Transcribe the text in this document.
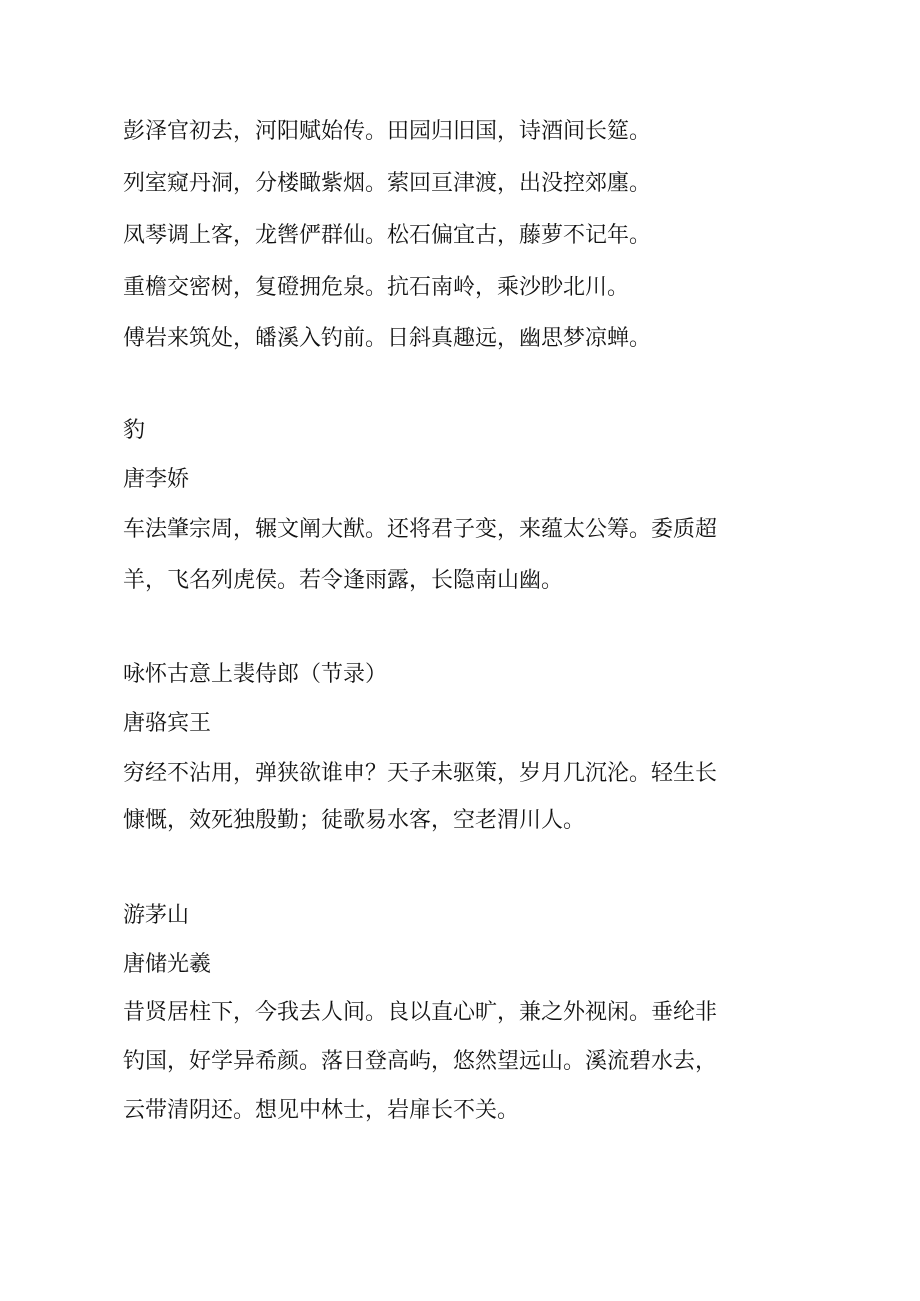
彭泽官初去，河阳赋始传。田园归旧国，诗酒间长筵。
列室窥丹洞，分楼瞰紫烟。萦回亘津渡，出没控郊廛。
凤琴调上客，龙辔俨群仙。松石偏宜古，藤萝不记年。
重檐交密树，复磴拥危泉。抗石南岭，乘沙眇北川。
傅岩来筑处，皤溪入钓前。日斜真趣远，幽思梦凉蝉。
豹
唐李娇
车法肇宗周，辗文阐大猷。还将君子变，来蕴太公筹。委质超
羊，飞名列虎侯。若令逢雨露，长隐南山幽。
咏怀古意上裴侍郎（节录）
唐骆宾王
穷经不沾用，弹狭欲谁申？天子未驱策，岁月几沉沦。轻生长
慷慨，效死独殷勤；徒歌易水客，空老渭川人。
游茅山
唐储光羲
昔贤居柱下，今我去人间。良以直心旷，兼之外视闲。垂纶非
钓国，好学异希颜。落日登高屿，悠然望远山。溪流碧水去，
云带清阴还。想见中林士，岩扉长不关。
